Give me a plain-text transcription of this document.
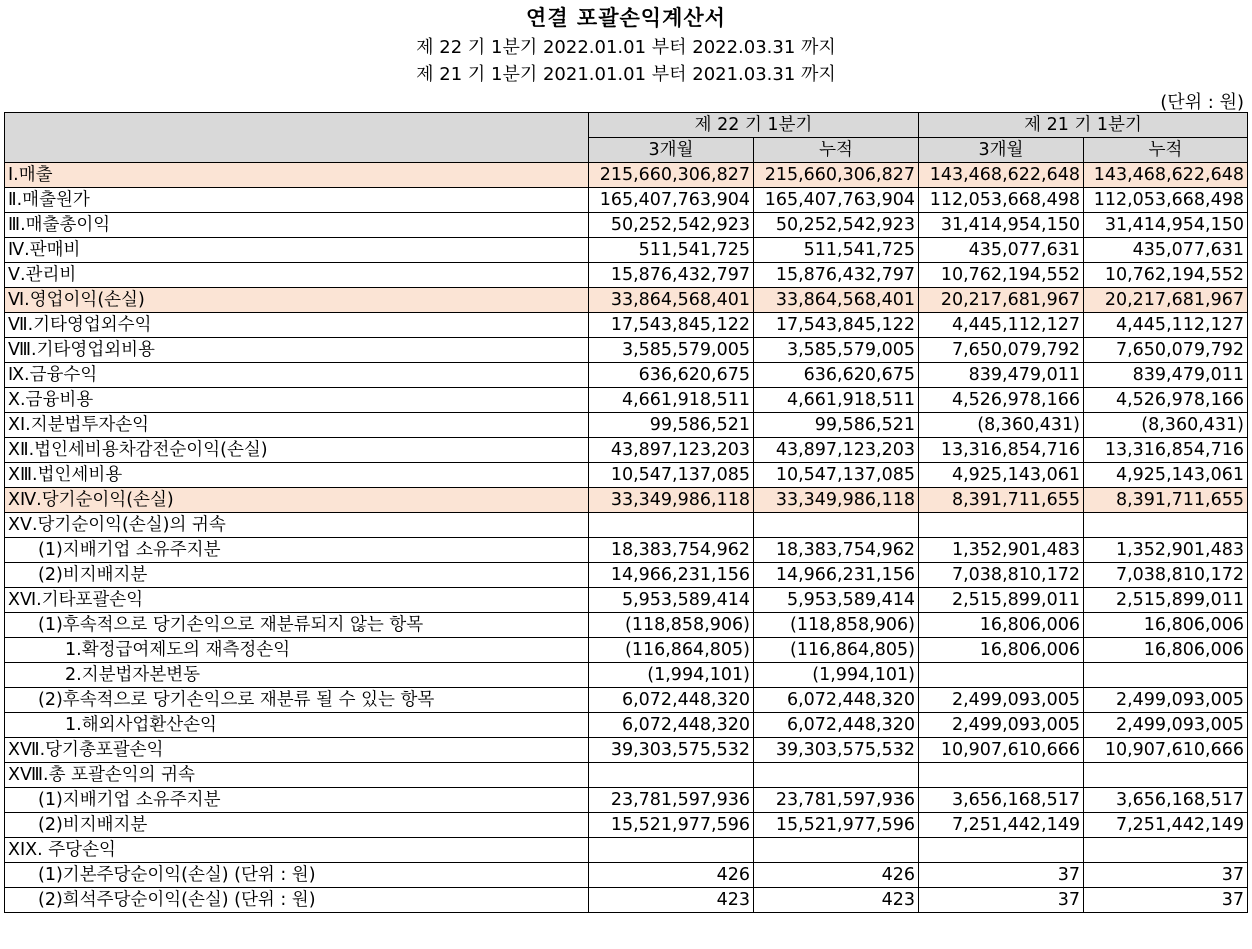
연결 포괄손익계산서
제 22 기 1분기 2022.01.01 부터 2022.03.31 까지
제 21 기 1분기 2021.01.01 부터 2021.03.31 까지
(단위 : 원)
	제 22 기 1분기		제 21 기 1분기	
	3개월	누적	3개월	누적
Ⅰ.매출	215,660,306,827	215,660,306,827	143,468,622,648	143,468,622,648
Ⅱ.매출원가	165,407,763,904	165,407,763,904	112,053,668,498	112,053,668,498
Ⅲ.매출총이익	50,252,542,923	50,252,542,923	31,414,954,150	31,414,954,150
Ⅳ.판매비	511,541,725	511,541,725	435,077,631	435,077,631
Ⅴ.관리비	15,876,432,797	15,876,432,797	10,762,194,552	10,762,194,552
Ⅵ.영업이익(손실)	33,864,568,401	33,864,568,401	20,217,681,967	20,217,681,967
Ⅶ.기타영업외수익	17,543,845,122	17,543,845,122	4,445,112,127	4,445,112,127
Ⅷ.기타영업외비용	3,585,579,005	3,585,579,005	7,650,079,792	7,650,079,792
Ⅸ.금융수익	636,620,675	636,620,675	839,479,011	839,479,011
Ⅹ.금융비용	4,661,918,511	4,661,918,511	4,526,978,166	4,526,978,166
XI.지분법투자손익	99,586,521	99,586,521	(8,360,431)	(8,360,431)
XⅡ.법인세비용차감전순이익(손실)	43,897,123,203	43,897,123,203	13,316,854,716	13,316,854,716
XⅢ.법인세비용	10,547,137,085	10,547,137,085	4,925,143,061	4,925,143,061
XⅣ.당기순이익(손실)	33,349,986,118	33,349,986,118	8,391,711,655	8,391,711,655
XⅤ.당기순이익(손실)의 귀속				
(1)지배기업 소유주지분	18,383,754,962	18,383,754,962	1,352,901,483	1,352,901,483
(2)비지배지분	14,966,231,156	14,966,231,156	7,038,810,172	7,038,810,172
XⅥ.기타포괄손익	5,953,589,414	5,953,589,414	2,515,899,011	2,515,899,011
(1)후속적으로 당기손익으로 재분류되지 않는 항목	(118,858,906)	(118,858,906)	16,806,006	16,806,006
1.확정급여제도의 재측정손익	(116,864,805)	(116,864,805)	16,806,006	16,806,006
2.지분법자본변동	(1,994,101)	(1,994,101)		
(2)후속적으로 당기손익으로 재분류 될 수 있는 항목	6,072,448,320	6,072,448,320	2,499,093,005	2,499,093,005
1.해외사업환산손익	6,072,448,320	6,072,448,320	2,499,093,005	2,499,093,005
XⅦ.당기총포괄손익	39,303,575,532	39,303,575,532	10,907,610,666	10,907,610,666
XⅧ.총 포괄손익의 귀속				
(1)지배기업 소유주지분	23,781,597,936	23,781,597,936	3,656,168,517	3,656,168,517
(2)비지배지분	15,521,977,596	15,521,977,596	7,251,442,149	7,251,442,149
XIX. 주당손익				
(1)기본주당순이익(손실) (단위 : 원)	426	426	37	37
(2)희석주당순이익(손실) (단위 : 원)	423	423	37	37
